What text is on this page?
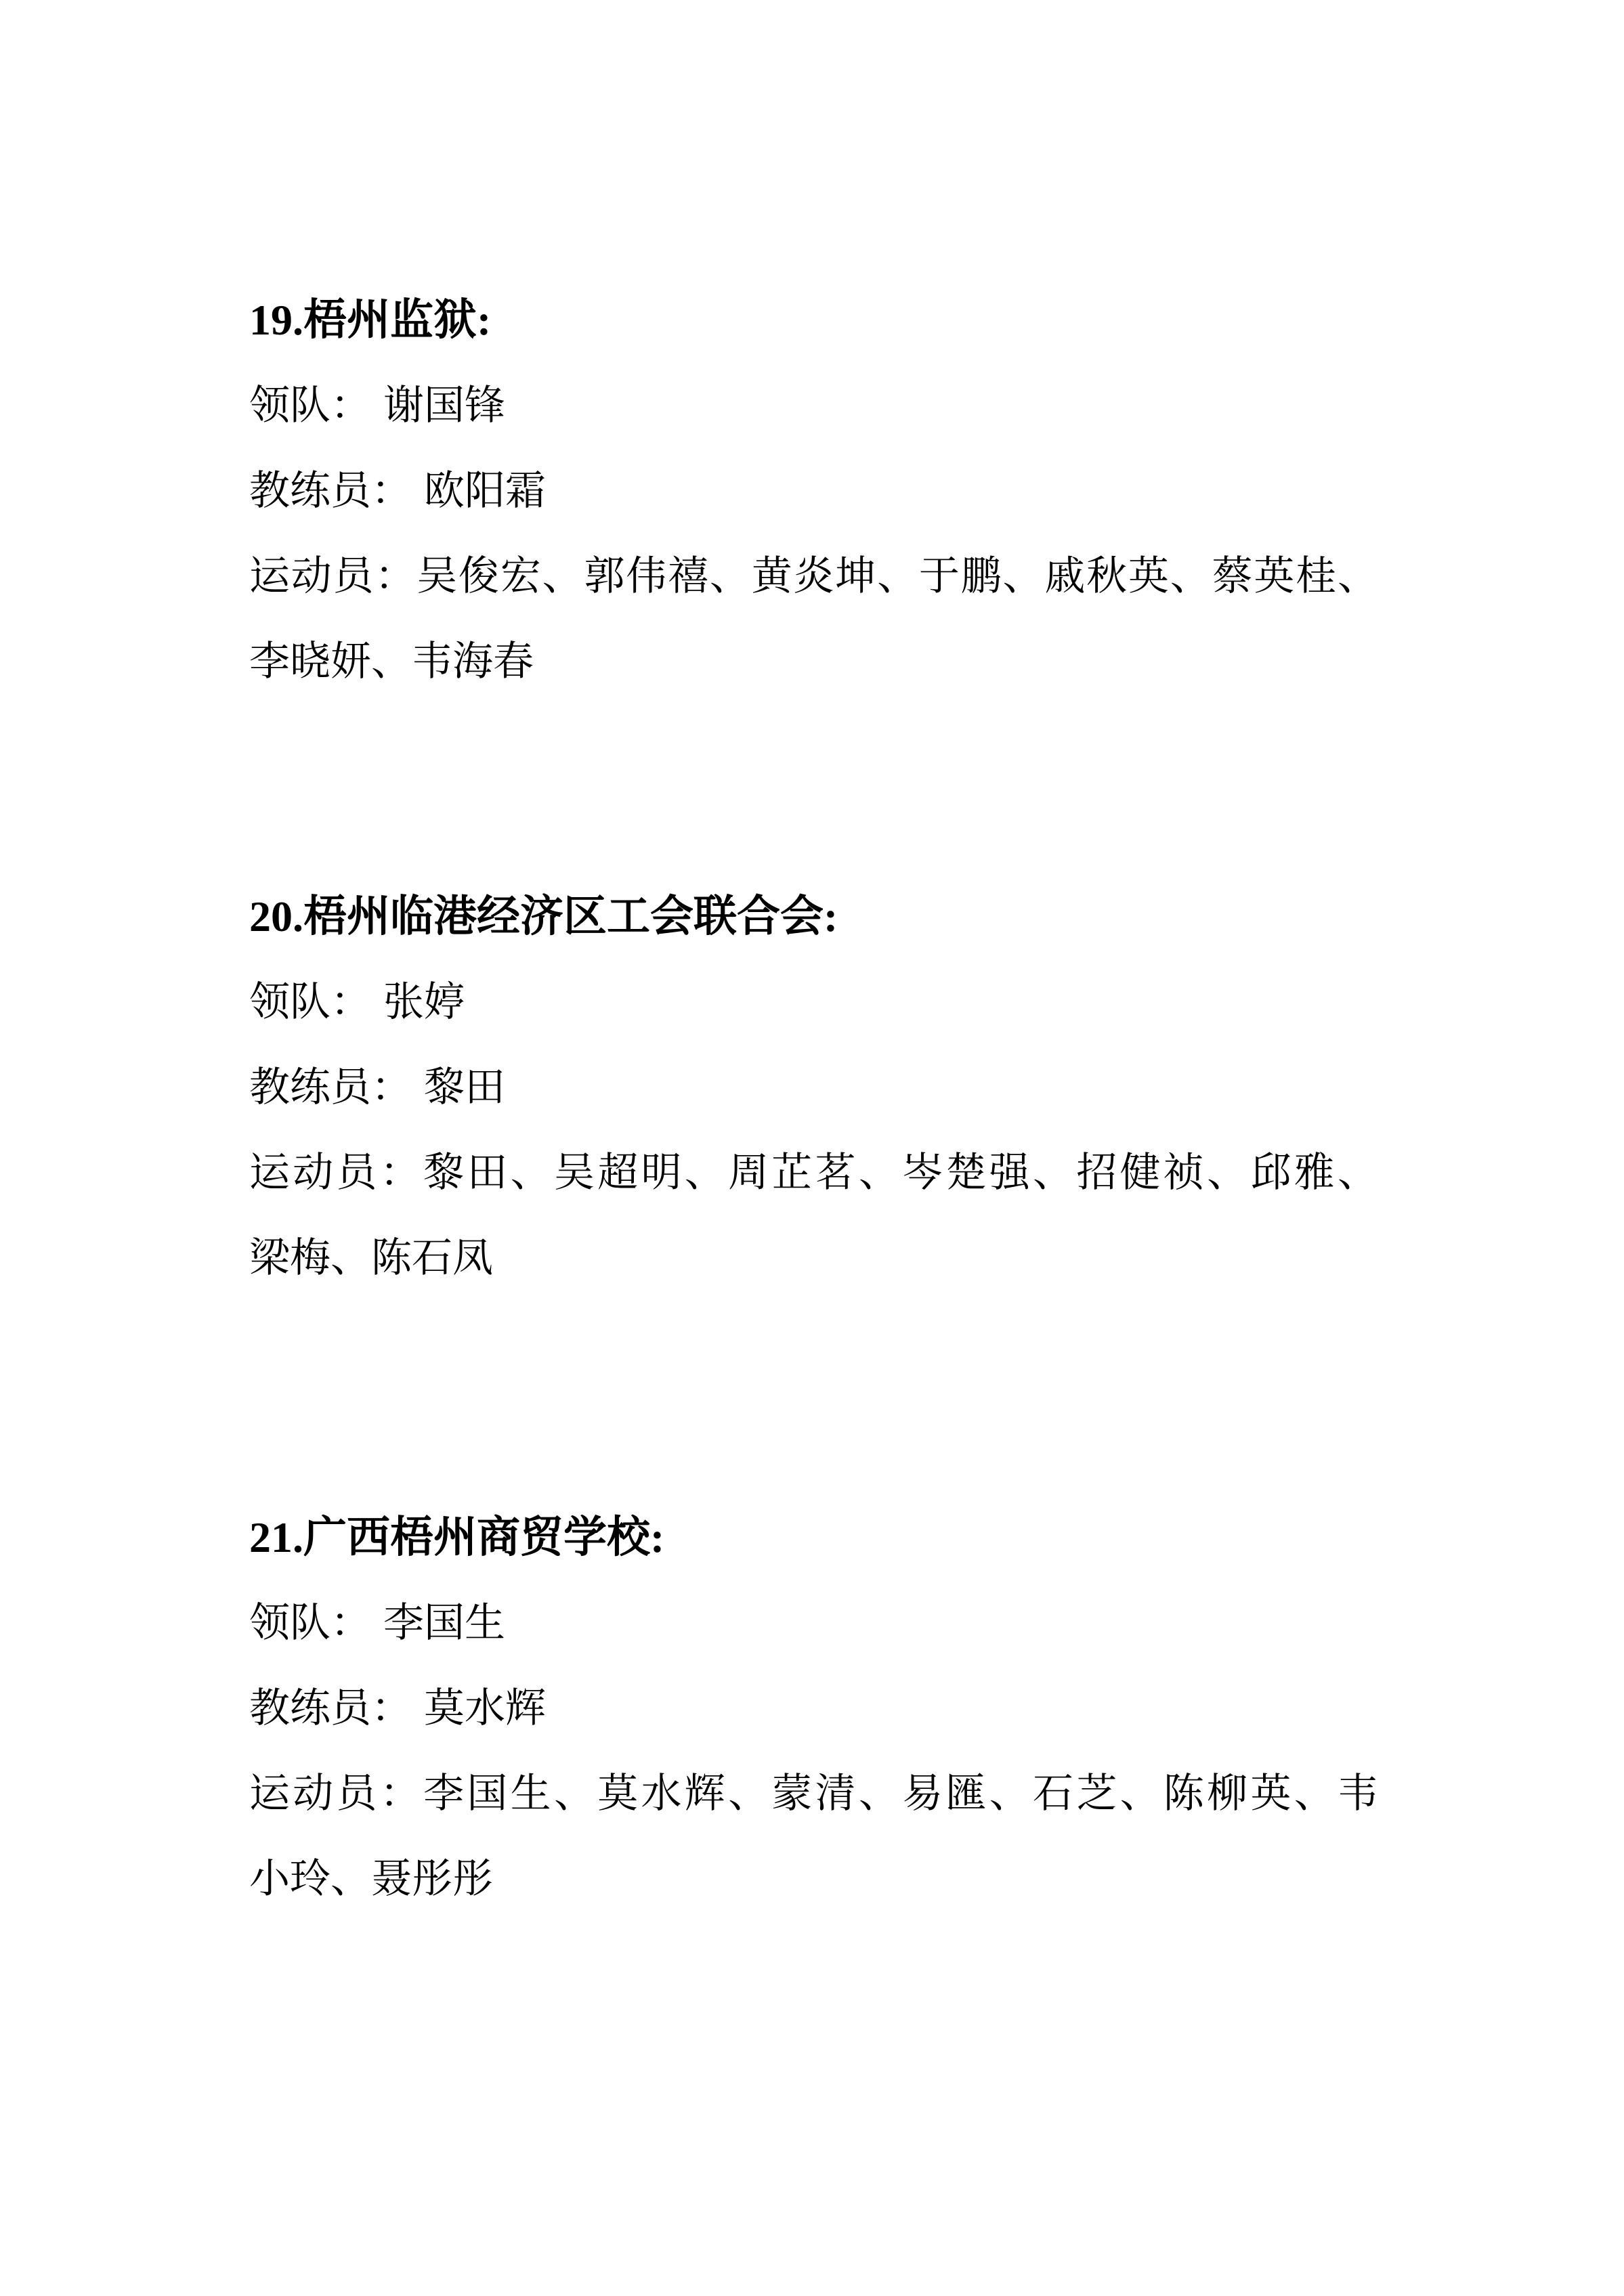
19.梧州监狱:
领队： 谢国锋
教练员： 欧阳霜
运动员：吴俊宏、郭伟禧、黄炎坤、于鹏、戚秋英、蔡英桂、
李晓妍、韦海春
20.梧州临港经济区工会联合会:
领队： 张婷
教练员： 黎田
运动员：黎田、吴超明、周芷茗、岑楚强、招健祯、邱雅、
梁梅、陈石凤
21.广西梧州商贸学校:
领队： 李国生
教练员： 莫水辉
运动员：李国生、莫水辉、蒙清、易匯、石芝、陈柳英、韦
小玲、聂彤彤
